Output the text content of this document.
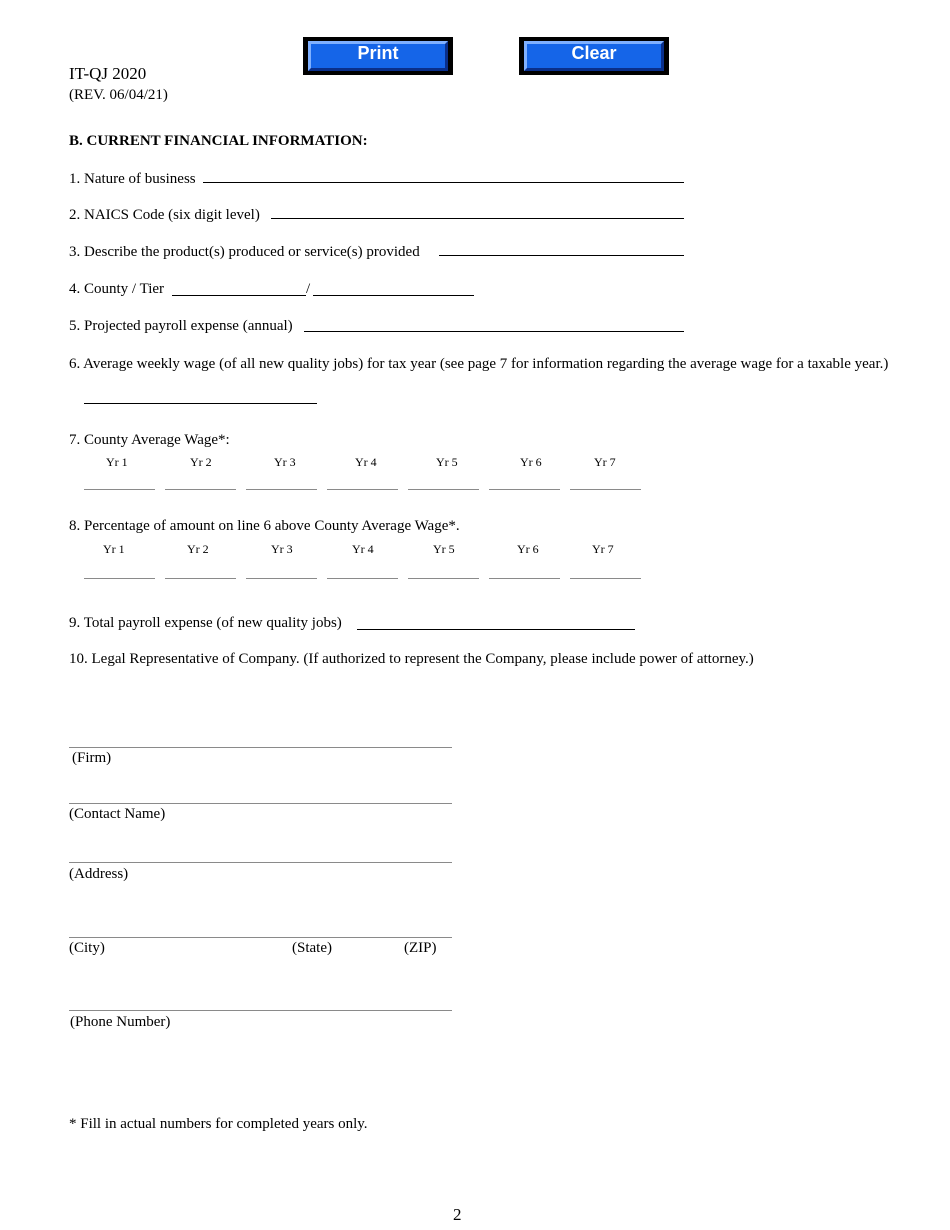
IT-QJ 2020
(REV. 06/04/21)
Print	Clear
B. CURRENT FINANCIAL INFORMATION:
1. Nature of business
2. NAICS Code (six digit level)
3. Describe the product(s) produced or service(s) provided
4. County / Tier	/
5. Projected payroll expense (annual)
6. Average weekly wage (of all new quality jobs) for tax year (see page 7 for information regarding the average wage for a taxable year.)
7. County Average Wage*:
Yr 1	Yr 2	Yr 3	Yr 4	Yr 5	Yr 6	Yr 7
8. Percentage of amount on line 6 above County Average Wage*.
Yr 1	Yr 2	Yr 3	Yr 4	Yr 5	Yr 6	Yr 7
9. Total payroll expense (of new quality jobs)
10. Legal Representative of Company. (If authorized to represent the Company, please include power of attorney.)
(Firm)
(Contact Name)
(Address)
(City)	(State)	(ZIP)
(Phone Number)
* Fill in actual numbers for completed years only.
2
